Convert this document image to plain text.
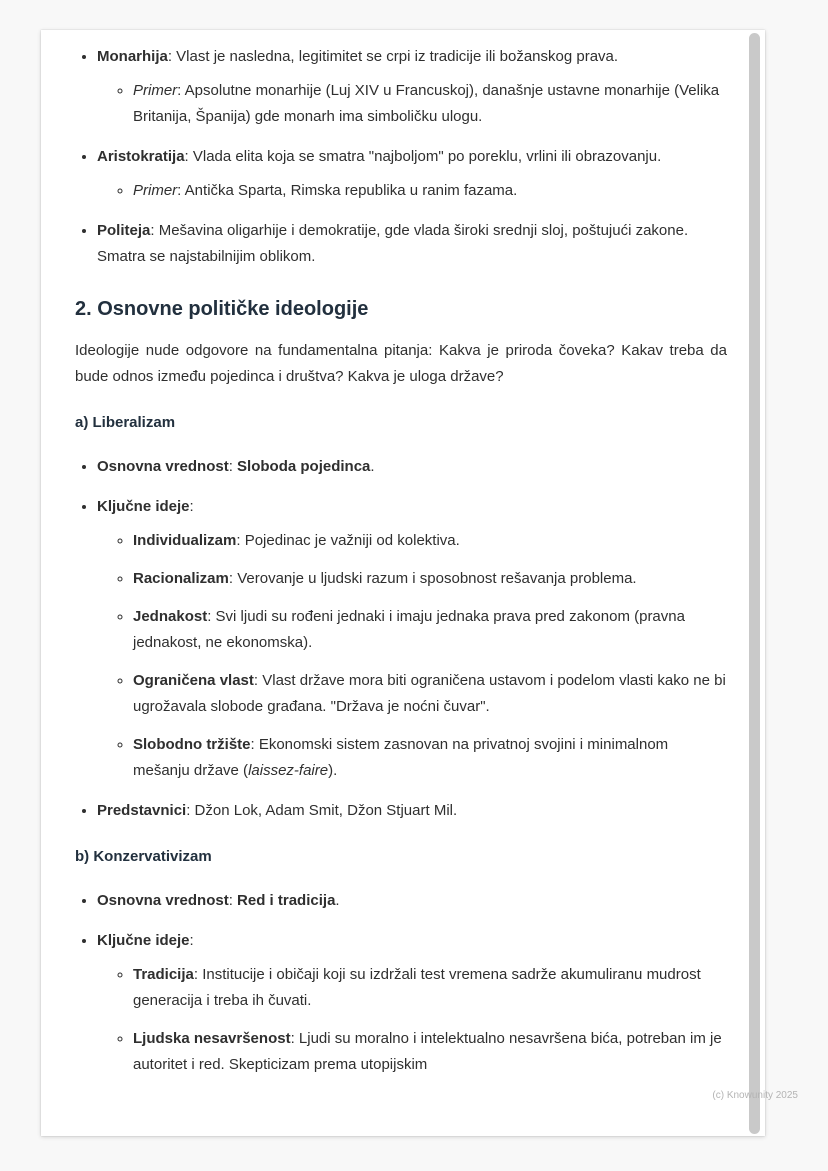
• Monarhija: Vlast je nasledna, legitimitet se crpi iz tradicije ili božanskog prava.
◦ Primer: Apsolutne monarhije (Luj XIV u Francuskoj), današnje ustavne monarhije (Velika Britanija, Španija) gde monarh ima simboličku ulogu.
• Aristokratija: Vlada elita koja se smatra "najboljom" po poreklu, vrlini ili obrazovanju.
◦ Primer: Antička Sparta, Rimska republika u ranim fazama.
• Politeja: Mešavina oligarhije i demokratije, gde vlada široki srednji sloj, poštujući zakone. Smatra se najstabilnijim oblikom.
2. Osnovne političke ideologije

Ideologije nude odgovore na fundamentalna pitanja: Kakva je priroda čoveka? Kakav treba da bude odnos između pojedinca i društva? Kakva je uloga države?

a) Liberalizam

• Osnovna vrednost: Sloboda pojedinca.
• Ključne ideje:
◦ Individualizam: Pojedinac je važniji od kolektiva.
◦ Racionalizam: Verovanje u ljudski razum i sposobnost rešavanja problema.
◦ Jednakost: Svi ljudi su rođeni jednaki i imaju jednaka prava pred zakonom (pravna jednakost, ne ekonomska).
◦ Ograničena vlast: Vlast države mora biti ograničena ustavom i podelom vlasti kako ne bi ugrožavala slobode građana. "Država je noćni čuvar".
◦ Slobodno tržište: Ekonomski sistem zasnovan na privatnoj svojini i minimalnom mešanju države (laissez-faire).
• Predstavnici: Džon Lok, Adam Smit, Džon Stjuart Mil.

b) Konzervativizam

• Osnovna vrednost: Red i tradicija.
• Ključne ideje:
◦ Tradicija: Institucije i običaji koji su izdržali test vremena sadrže akumuliranu mudrost generacija i treba ih čuvati.
◦ Ljudska nesavršenost: Ljudi su moralno i intelektualno nesavršena bića, potreban im je autoritet i red. Skepticizam prema utopijskim
(c) Knowunity 2025
